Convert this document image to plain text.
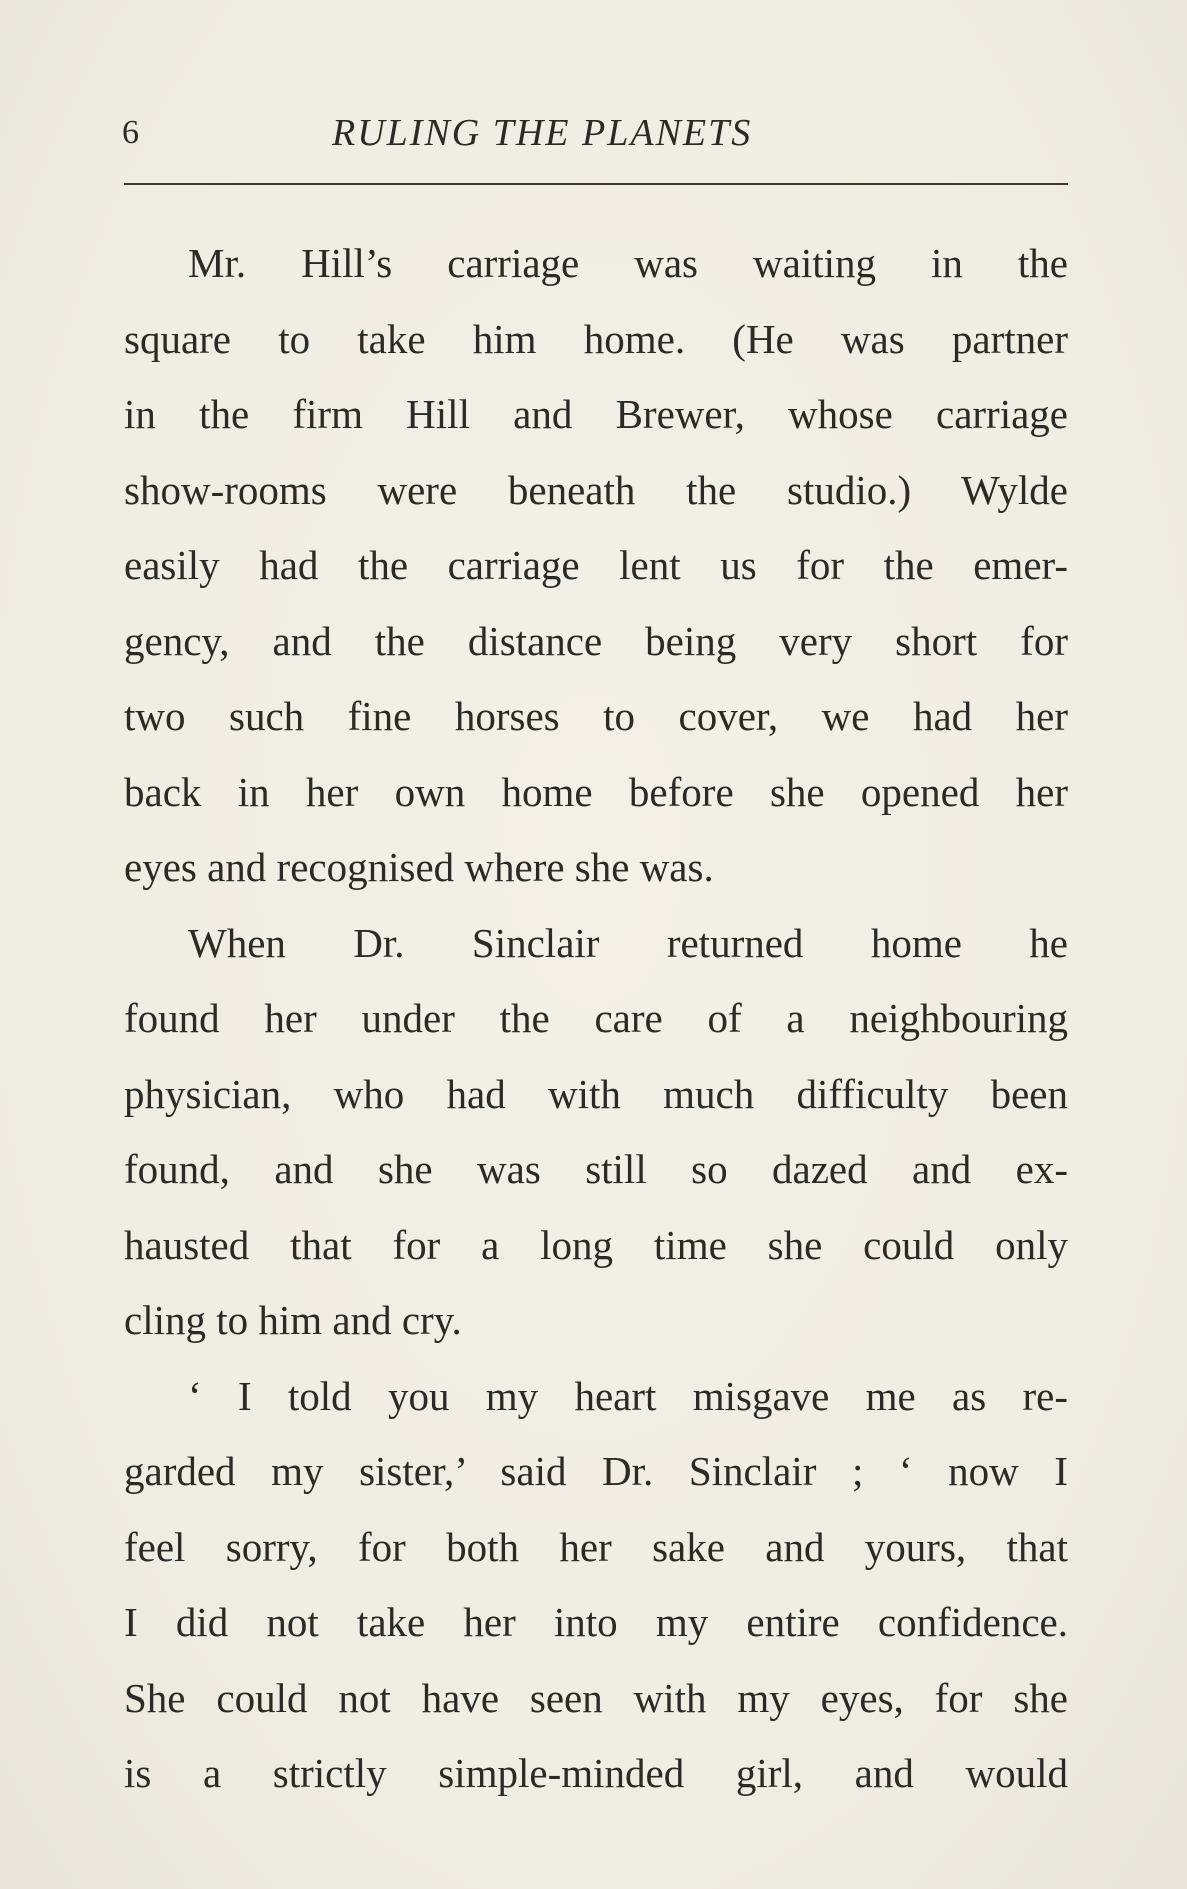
6	RULING THE PLANETS
Mr. Hill’s carriage was waiting in the
square to take him home. (He was partner
in the firm Hill and Brewer, whose carriage
show-rooms were beneath the studio.) Wylde
easily had the carriage lent us for the emer-
gency, and the distance being very short for
two such fine horses to cover, we had her
back in her own home before she opened her
eyes and recognised where she was.
When Dr. Sinclair returned home he
found her under the care of a neighbouring
physician, who had with much difficulty been
found, and she was still so dazed and ex-
hausted that for a long time she could only
cling to him and cry.
‘ I told you my heart misgave me as re-
garded my sister,’ said Dr. Sinclair ; ‘ now I
feel sorry, for both her sake and yours, that
I did not take her into my entire confidence.
She could not have seen with my eyes, for she
is a strictly simple-minded girl, and would
